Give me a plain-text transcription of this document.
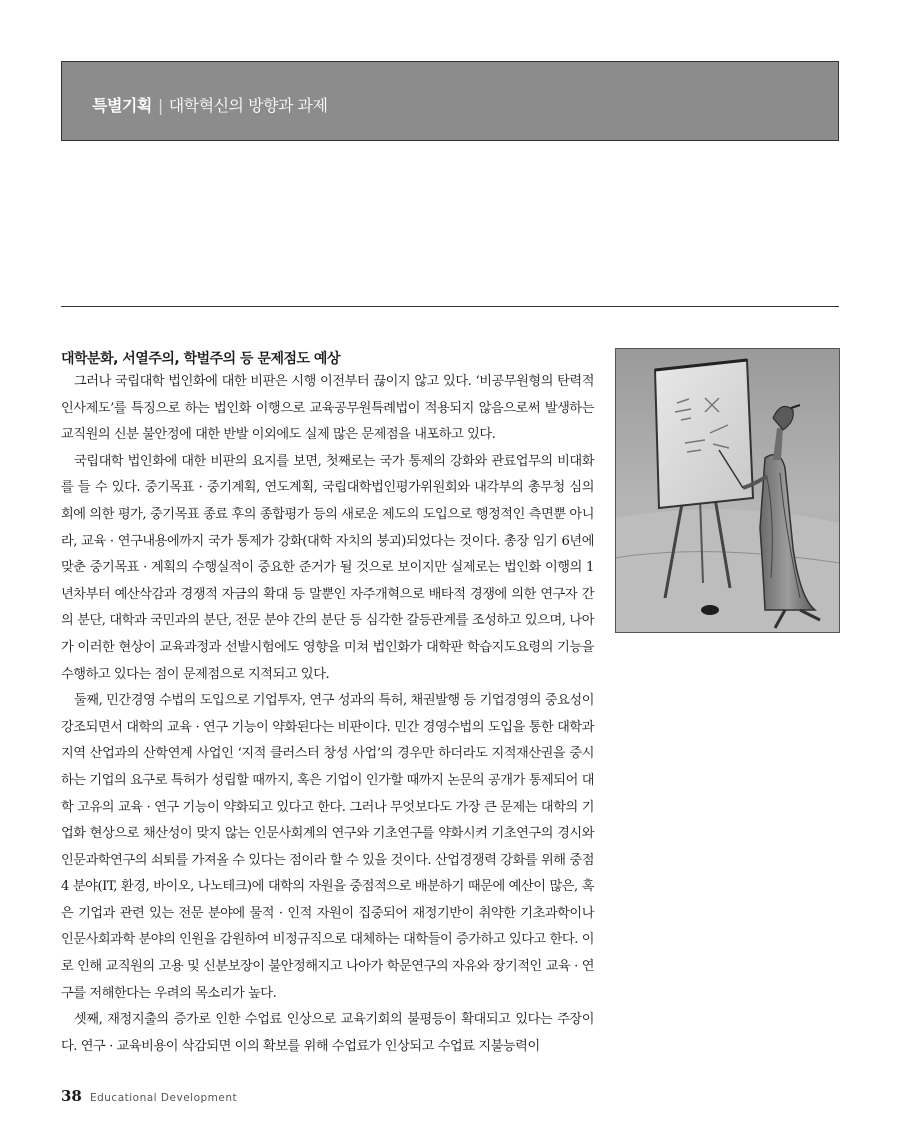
특별기획 | 대학혁신의 방향과 과제
대학분화, 서열주의, 학벌주의 등 문제점도 예상

그러나 국립대학 법인화에 대한 비판은 시행 이전부터 끊이지 않고 있다. ‘비공무원형의 탄력적 인사제도’를 특징으로 하는 법인화 이행으로 교육공무원특례법이 적용되지 않음으로써 발생하는 교직원의 신분 불안정에 대한 반발 이외에도 실제 많은 문제점을 내포하고 있다.

국립대학 법인화에 대한 비판의 요지를 보면, 첫째로는 국가 통제의 강화와 관료업무의 비대화를 들 수 있다. 중기목표 · 중기계획, 연도계획, 국립대학법인평가위원회와 내각부의 총무청 심의회에 의한 평가, 중기목표 종료 후의 종합평가 등의 새로운 제도의 도입으로 행정적인 측면뿐 아니라, 교육 · 연구내용에까지 국가 통제가 강화(대학 자치의 붕괴)되었다는 것이다. 총장 임기 6년에 맞춘 중기목표 · 계획의 수행실적이 중요한 준거가 될 것으로 보이지만 실제로는 법인화 이행의 1년차부터 예산삭감과 경쟁적 자금의 확대 등 말뿐인 자주개혁으로 배타적 경쟁에 의한 연구자 간의 분단, 대학과 국민과의 분단, 전문 분야 간의 분단 등 심각한 갈등관계를 조성하고 있으며, 나아가 이러한 현상이 교육과정과 선발시험에도 영향을 미쳐 법인화가 대학판 학습지도요령의 기능을 수행하고 있다는 점이 문제점으로 지적되고 있다.

둘째, 민간경영 수법의 도입으로 기업투자, 연구 성과의 특허, 채권발행 등 기업경영의 중요성이 강조되면서 대학의 교육 · 연구 기능이 약화된다는 비판이다. 민간 경영수법의 도입을 통한 대학과 지역 산업과의 산학연계 사업인 ‘지적 클러스터 창성 사업’의 경우만 하더라도 지적재산권을 중시하는 기업의 요구로 특허가 성립할 때까지, 혹은 기업이 인가할 때까지 논문의 공개가 통제되어 대학 고유의 교육 · 연구 기능이 약화되고 있다고 한다. 그러나 무엇보다도 가장 큰 문제는 대학의 기업화 현상으로 채산성이 맞지 않는 인문사회계의 연구와 기초연구를 약화시켜 기초연구의 경시와 인문과학연구의 쇠퇴를 가져올 수 있다는 점이라 할 수 있을 것이다. 산업경쟁력 강화를 위해 중점 4 분야(IT, 환경, 바이오, 나노테크)에 대학의 자원을 중점적으로 배분하기 때문에 예산이 많은, 혹은 기업과 관련 있는 전문 분야에 물적 · 인적 자원이 집중되어 재정기반이 취약한 기초과학이나 인문사회과학 분야의 인원을 감원하여 비정규직으로 대체하는 대학들이 증가하고 있다고 한다. 이로 인해 교직원의 고용 및 신분보장이 불안정해지고 나아가 학문연구의 자유와 장기적인 교육 · 연구를 저해한다는 우려의 목소리가 높다.

셋째, 재정지출의 증가로 인한 수업료 인상으로 교육기회의 불평등이 확대되고 있다는 주장이다. 연구 · 교육비용이 삭감되면 이의 확보를 위해 수업료가 인상되고 수업료 지불능력이

38 Educational Development
